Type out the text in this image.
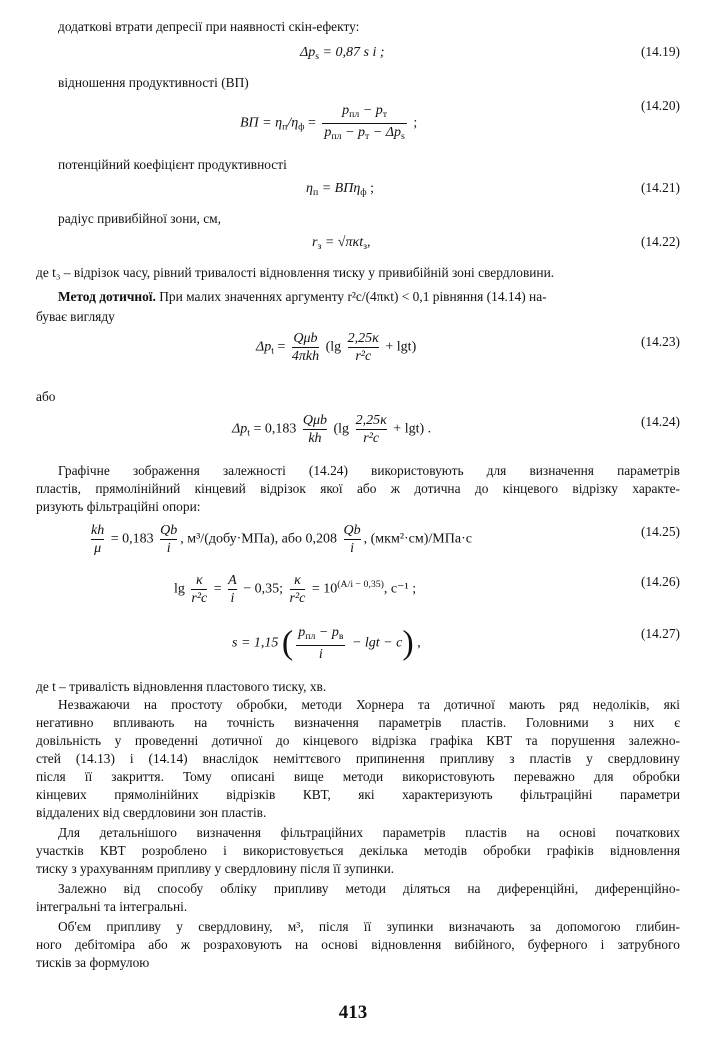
додаткові втрати депресії при наявності скін-ефекту:
$\Delta p_s = 0,87$ s i ;	(14.19)
відношення продуктивності (ВП)
ВП = $\eta_п/\eta_ф = \frac{p_{пл} - p_т}{p_{пл} - p_т - \Delta p_s}$ ;
(14.20)
потенційний коефіцієнт продуктивності
$\eta_п = ВП\eta_ф$ ;	(14.21)
радіус привибійної зони, см,
$r_з = √\pi\kappa t_з$,	(14.22)
де t₃ – відрізок часу, рівний тривалості відновлення тиску у привибійній зоні свердловини.
Метод дотичної. При малих значеннях аргументу r²c/(4πκt) < 0,1 рівняння (14.14) на-
буває вигляду
$\Delta p_t = \frac{\text{Qμb}}{\text{4πkh}} (\lg \frac{2,25\kappa}{\text{r²c}} + \lg t)$	(14.23)
або
$\Delta p_t = 0,183 \frac{\text{Qμb}}{kh} (\lg \frac{2,25\kappa}{\text{r²c}} + \lg t)$ .
(14.24)
Графічне зображення залежності (14.24) використовують для визначення параметрів
пластів, прямолінійний кінцевий відрізок якої або ж дотична до кінцевого відрізку характе-
ризують фільтраційні опори:
$\frac{kh}{\mu} = 0,183 \frac{Qb}{i}$ , м³/(добу·МПа), або $0,208 \frac{Qb}{i}$ , (мкм²·см)/МПа·с
(14.25)
$\lg \frac{\kappa}{\text{r²c}} = \frac{A}{i} - 0,35$; $\frac{\kappa}{\text{r²c}} = 10^{(A/i - 0,35)}$, c⁻¹ ;
(14.26)
s = 1,15 ( $\frac{p_{пл} - p_в}{i} - \lg t - c$) ,
(14.27)
де t – тривалість відновлення пластового тиску, хв.
Незважаючи на простоту обробки, методи Хорнера та дотичної мають ряд недоліків, які
негативно впливають на точність визначення параметрів пластів. Головними з них є
довільність у проведенні дотичної до кінцевого відрізка графіка КВТ та порушення залежно-
стей (14.13) і (14.14) внаслідок неміттєвого припинення припливу з пластів у свердловину
після її закриття. Тому описані вище методи використовують переважно для обробки
кінцевих прямолінійних відрізків КВТ, які характеризують фільтраційні параметри
віддалених від свердловини зон пластів.
Для детальнішого визначення фільтраційних параметрів пластів на основі початкових
участків КВТ розроблено і використовується декілька методів обробки графіків відновлення
тиску з урахуванням припливу у свердловину після її зупинки.
Залежно від способу обліку припливу методи діляться на диференційні, диференційно-
інтегральні та інтегральні.
Об'єм припливу у свердловину, м³, після її зупинки визначають за допомогою глибин-
ного дебітоміра або ж розраховують на основі відновлення вибійного, буферного і затрубного
тисків за формулою
413
